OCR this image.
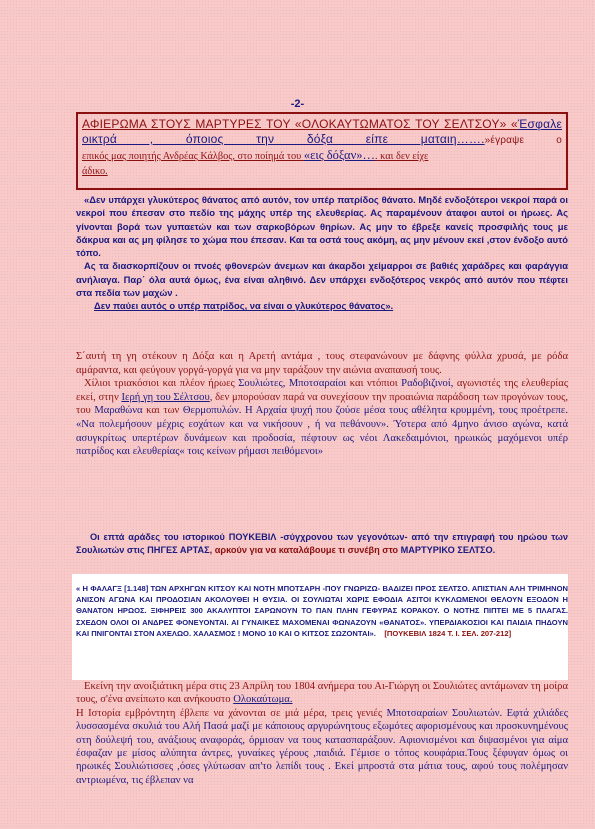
-2-
ΑΦΙΕΡΩΜΑ ΣΤΟΥΣ ΜΑΡΤΥΡΕΣ ΤΟΥ «ΟΛΟΚΑΥΤΩΜΑΤΟΣ ΤΟΥ ΣΕΛΤΣΟΥ» «Έσφαλε οικτρά , όποιος την δόξα είπε ματαιη…….»έγραψε ο
επικός μας ποιητής Ανδρέας Κάλβος, στο ποίημά του «εις δόξαν»…. και δεν είχε
άδικο.

«Δεν υπάρχει γλυκύτερος θάνατος από αυτόν, τον υπέρ πατρίδος θάνατο. Μηδέ ενδοξότεροι νεκροί παρά οι νεκροί που έπεσαν στο πεδίο της μάχης υπέρ της ελευθερίας. Ας παραμένουν άταφοι αυτοί οι ήρωες. Ας γίνονται βορά των γυπαετών και των σαρκοβόρων θηρίων. Ας μην το έβρεξε κανείς προσφιλής τους με δάκρυα και ας μη φίλησε το χώμα που έπεσαν. Και τα οστά τους ακόμη, ας μην μένουν εκεί ,στον ένδοξο αυτό τόπο.

Ας τα διασκορπίζουν οι πνοές φθονερών άνεμων και άκαρδοι χείμαρροι σε βαθιές χαράδρες και φαράγγια ανήλιαγα. Παρ΄ όλα αυτά όμως, ένα είναι αληθινό. Δεν υπάρχει ενδοξότερος νεκρός από αυτόν που πέφτει στα πεδία των μαχών .

Δεν παύει αυτός ο υπέρ πατρίδος, να είναι ο γλυκύτερος θάνατος».

Σ΄αυτή τη γη στέκουν η Δόξα και η Αρετή αντάμα , τους στεφανώνουν με δάφνης φύλλα χρυσά, με ρόδα αμάραντα, και φεύγουν γοργά-γοργά για να μην ταράξουν την αιώνια αναπαυσή τους.

Χίλιοι τριακόσιοι και πλέον ήρωες Σουλιώτες, Μποτσαραίοι και ντόπιοι Ραδοβιζινοί, αγωνιστές της ελευθερίας εκεί, στην Ιερή γη του Σέλτσου, δεν μπορούσαν παρά να συνεχίσουν την προαιώνια παράδοση των προγόνων τους, του Μαραθώνα και των Θερμοπυλών. Η Αρχαία ψυχή που ζούσε μέσα τους αθέλητα κρυμμένη, τους προέτρεπε. «Να πολεμήσουν μέχρις εσχάτων και να νικήσουν , ή να πεθάνουν». Ύστερα από 4μηνο άνισο αγώνα, κατά ασυγκρίτως υπερτέρων δυνάμεων και προδοσία, πέφτουν ως νέοι Λακεδαιμόνιοι, ηρωικώς μαχόμενοι υπέρ πατρίδος και ελευθερίας« τοις κείνων ρήμασι πειθόμενοι»

Οι επτά αράδες του ιστορικού ΠΟΥΚΕΒΙΛ -σύγχρονου των γεγονότων- από την επιγραφή του ηρώου των Σουλιωτών στις ΠΗΓΕΣ ΑΡΤΑΣ, αρκούν για να καταλάβουμε τι συνέβη στο ΜΑΡΤΥΡΙΚΟ ΣΕΛΤΣΟ.
« Η ΦΑΛΑΓΞ [1.148] ΤΩΝ ΑΡΧΗΓΩΝ ΚΙΤΣΟΥ ΚΑΙ ΝΟΤΗ ΜΠΟΤΣΑΡΗ -ΠΟΥ ΓΝΩΡΙΖΩ- ΒΑΔΙΖΕΙ ΠΡΟΣ ΣΕΛΤΣΟ. ΑΠΙΣΤΙΑΝ ΑΛΗ ΤΡΙΜΗΝΟΝ ΑΝΙΣΟΝ ΑΓΩΝΑ ΚΑΙ ΠΡΟΔΟΣΙΑΝ ΑΚΟΛΟΥΘΕΙ Η ΘΥΣΙΑ. ΟΙ ΣΟΥΛΙΩΤΑΙ ΧΩΡΙΣ ΕΦΟΔΙΑ ΑΣΙΤΟΙ ΚΥΚΛΩΜΕΝΟΙ ΘΕΛΟΥΝ ΕΞΟΔΟΝ Η ΘΑΝΑΤΟΝ ΗΡΩΟΣ. ΞΙΦΗΡΕΙΣ 300 ΑΚΑΛΥΠΤΟΙ ΣΑΡΩΝΟΥΝ ΤΟ ΠΑΝ ΠΛΗΝ ΓΕΦΥΡΑΣ ΚΟΡΑΚΟΥ. Ο ΝΟΤΗΣ ΠΙΠΤΕΙ ΜΕ 5 ΠΛΑΓΑΣ. ΣΧΕΔΟΝ ΟΛΟΙ ΟΙ ΑΝΔΡΕΣ ΦΟΝΕΥΟΝΤΑΙ. ΑΙ ΓΥΝΑΙΚΕΣ ΜΑΧΟΜΕΝΑΙ ΦΩΝΑΖΟΥΝ «ΘΑΝΑΤΟΣ». ΥΠΕΡΔΙΑΚΟΣΙΟΙ ΚΑΙ ΠΑΙΔΙΑ ΠΗΔΟΥΝ ΚΑΙ ΠΝΙΓΟΝΤΑΙ ΣΤΟΝ ΑΧΕΛΩΟ. ΧΑΛΑΣΜΟΣ ! ΜΟΝΟ 10 ΚΑΙ Ο ΚΙΤΣΟΣ ΣΩΖΟΝΤΑΙ». [ΠΟΥΚΕΒΙΛ 1824 Τ. Ι. ΣΕΛ. 207-212]

Εκείνη την ανοιξιάτικη μέρα στις 23 Απρίλη του 1804 ανήμερα του Αι-Γιώργη οι Σουλιώτες αντάμωναν τη μοίρα τους, σ'ένα ανείπωτο και ανήκουστο Ολοκαύτωμα.

Η Ιστορία εμβρόντητη έβλεπε να χάνονται σε μιά μέρα, τρεις γενιές Μποτσαραίων Σουλιωτών. Εφτά χιλιάδες λυσσασμένα σκυλιά του Αλή Πασά μαζί με κάποιους αργυρώνητους εξωμότες αφορισμένους και προσκυνημένους στη δούλεψή του, ανάξιους αναφοράς, όρμισαν να τους κατασπαράξουν. Αφιονισμένοι και διψασμένοι για αίμα έσφαζαν με μίσος αλύπητα άντρες, γυναίκες γέρους ,παιδιά. Γέμισε ο τόπος κουφάρια.Τους ξέφυγαν όμως οι ηρωικές Σουλιώτισσες ,όσες γλύτωσαν απ'το λεπίδι τους . Εκεί μπροστά στα μάτια τους, αφού τους πολέμησαν αντριωμένα, τις έβλεπαν να
